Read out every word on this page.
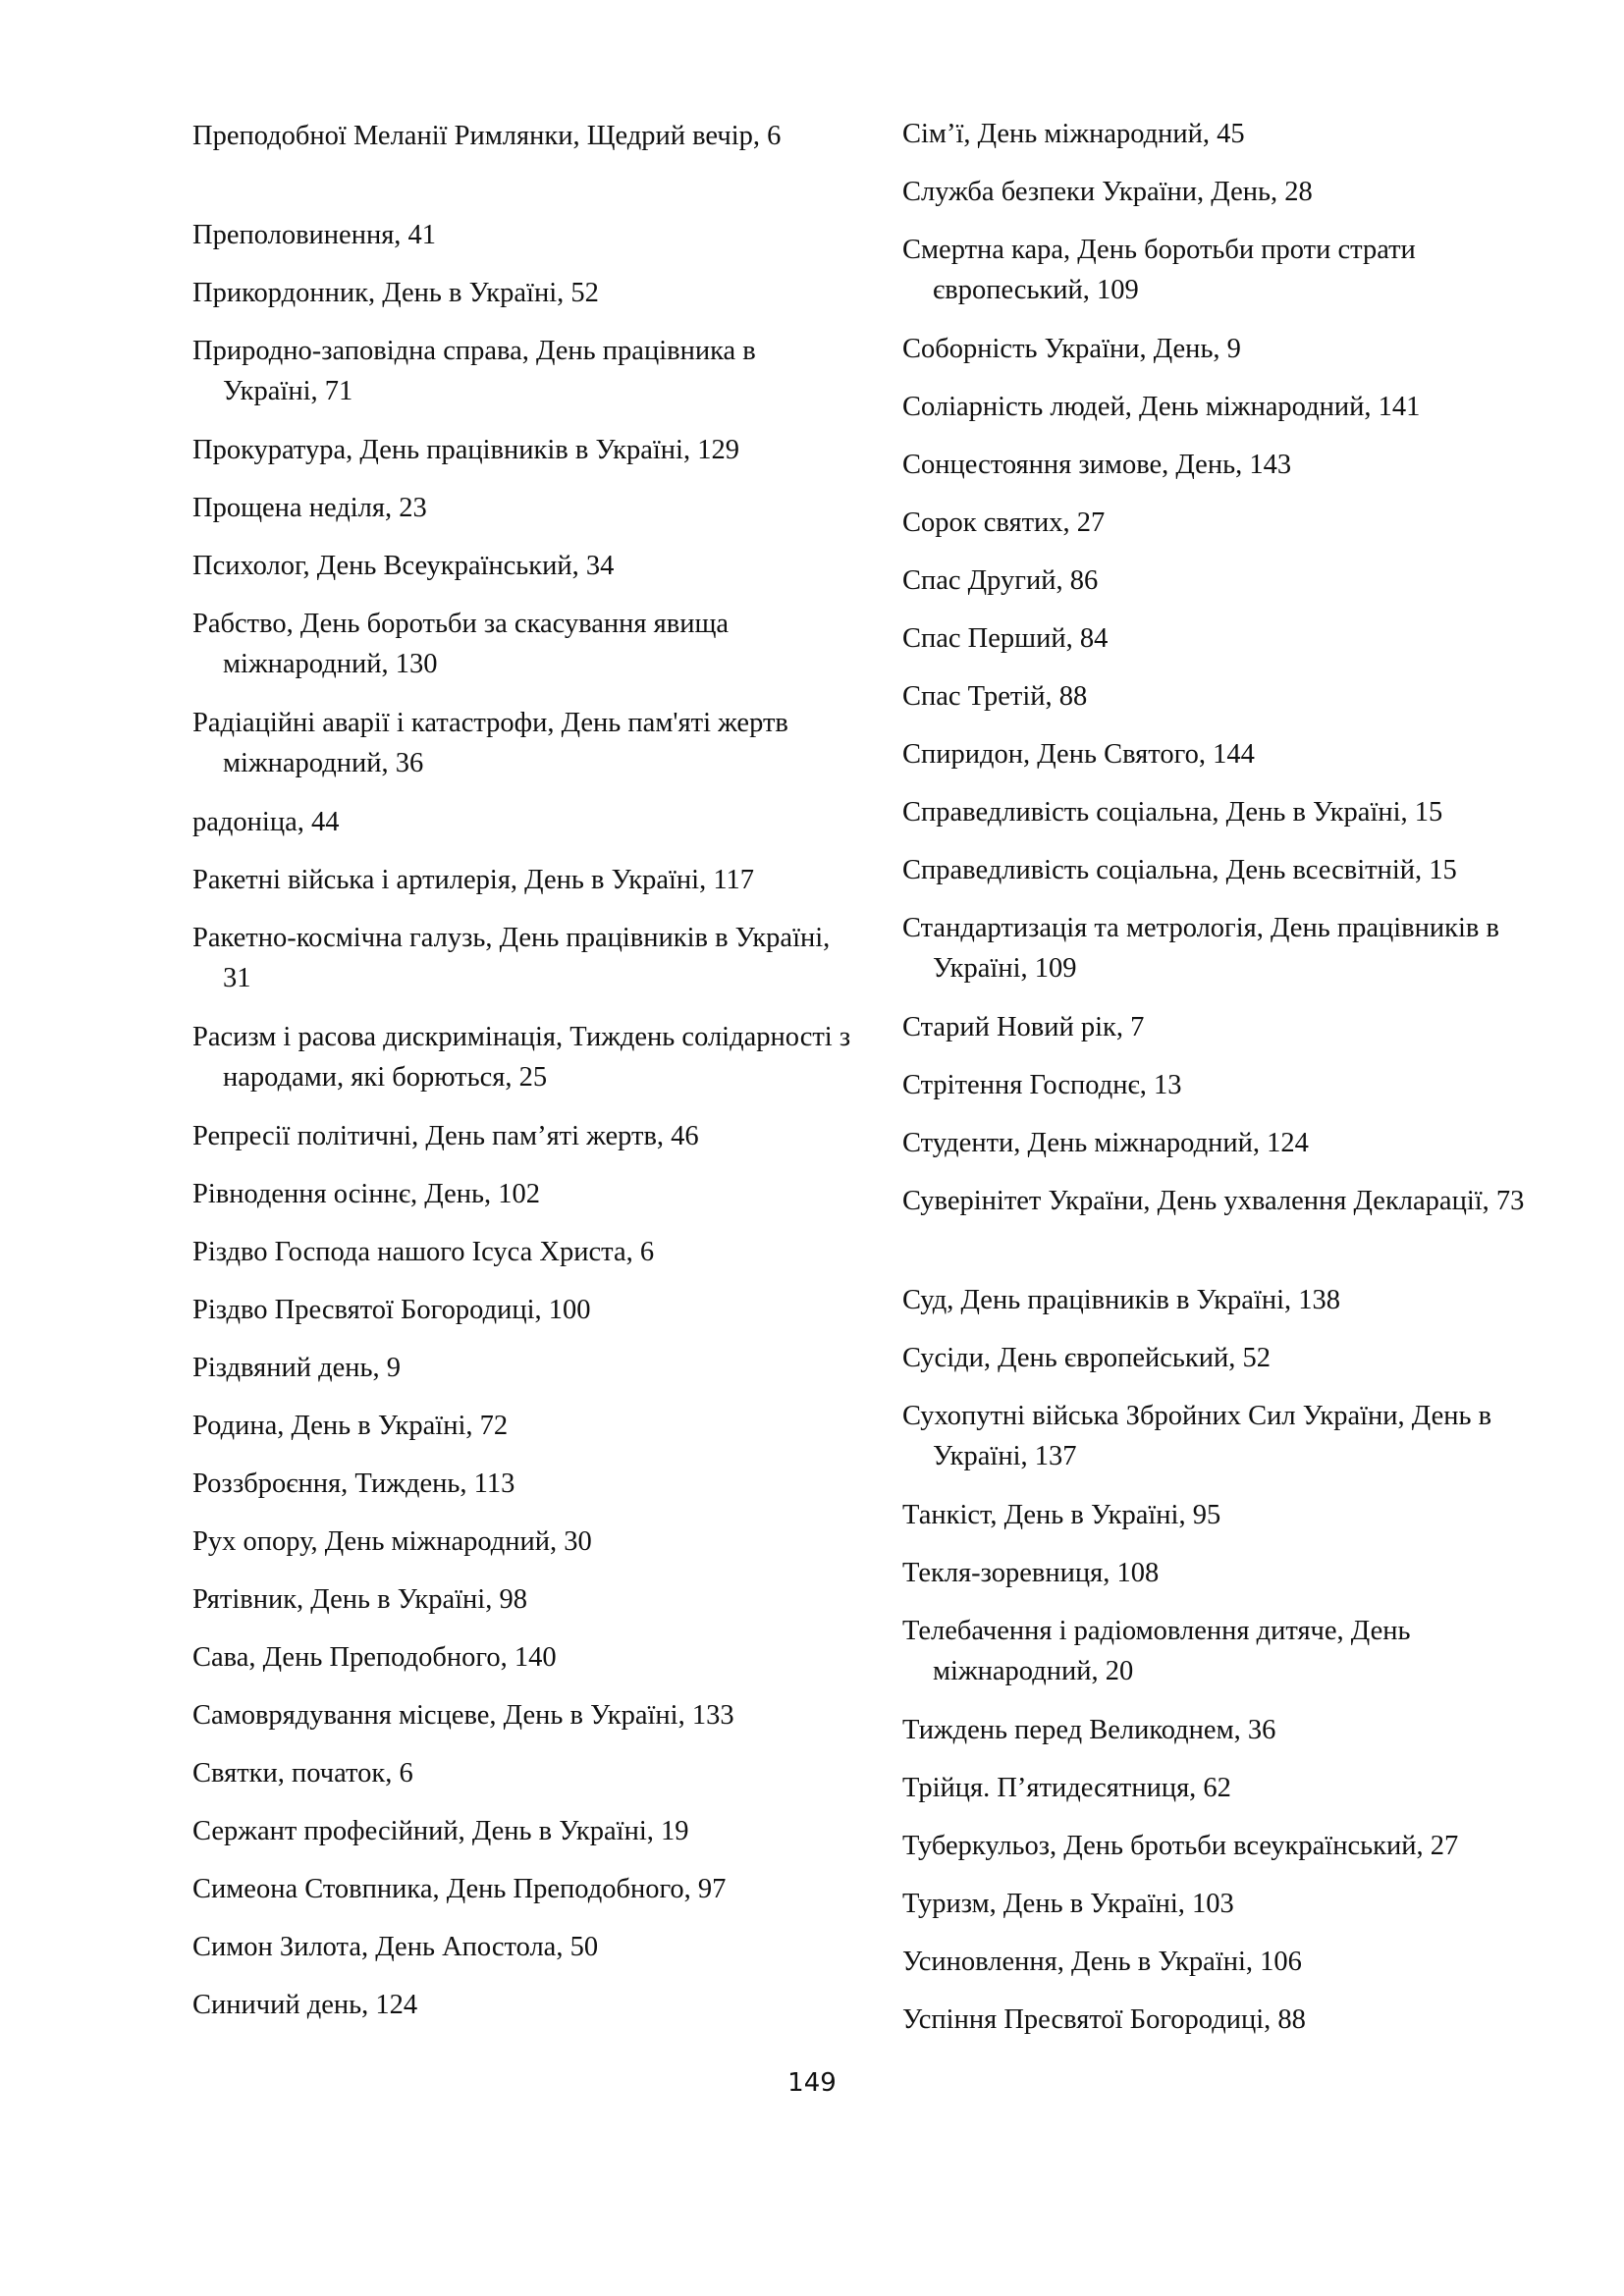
Преподобної Меланії Римлянки, Щедрий вечір, 6
Преполовинення, 41
Прикордонник, День в Україні, 52
Природно-заповідна справа, День працівника в Україні, 71
Прокуратура, День працівників в Україні, 129
Прощена неділя, 23
Психолог, День Всеукраїнський, 34
Рабство, День боротьби за скасування явища міжнародний, 130
Радіаційні аварії і катастрофи, День пам'яті жертв міжнародний, 36
радоніца, 44
Ракетні війська і артилерія, День в Україні, 117
Ракетно-космічна галузь, День працівників в Україні, 31
Расизм і расова дискримінація, Тиждень солідарності з народами, які борються, 25
Репресії політичні, День пам’яті жертв, 46
Рівнодення осіннє, День, 102
Різдво Господа нашого Ісуса Христа, 6
Різдво Пресвятої Богородиці, 100
Різдвяний день, 9
Родина, День в Україні, 72
Роззброєння, Тиждень, 113
Рух опору, День міжнародний, 30
Рятівник, День в Україні, 98
Сава, День Преподобного, 140
Самоврядування місцеве, День в Україні, 133
Святки, початок, 6
Сержант професійний, День в Україні, 19
Симеона Стовпника, День Преподобного, 97
Симон Зилота, День Апостола, 50
Синичий день, 124
Сім’ї, День міжнародний, 45
Служба безпеки України, День, 28
Смертна кара, День боротьби проти страти європеський, 109
Соборність України, День, 9
Соліарність людей, День міжнародний, 141
Сонцестояння зимове, День, 143
Сорок святих, 27
Спас Другий, 86
Спас Перший, 84
Спас Третій, 88
Спиридон, День Святого, 144
Справедливість соціальна, День в Україні, 15
Справедливість соціальна, День всесвітній, 15
Стандартизація та метрологія, День працівників в Україні, 109
Старий Новий рік, 7
Стрітення Господнє, 13
Студенти, День міжнародний, 124
Суверінітет України, День ухвалення Декларації, 73
Суд, День працівників в Україні, 138
Сусіди, День європейський, 52
Сухопутні війська Збройних Сил України, День в Україні, 137
Танкіст, День в Україні, 95
Текля-зоревниця, 108
Телебачення і радіомовлення дитяче, День міжнародний, 20
Тиждень перед Великоднем, 36
Трійця. П’ятидесятниця, 62
Туберкульоз, День бротьби всеукраїнський, 27
Туризм, День в Україні, 103
Усиновлення, День в Україні, 106
Успіння Пресвятої Богородиці, 88
149
